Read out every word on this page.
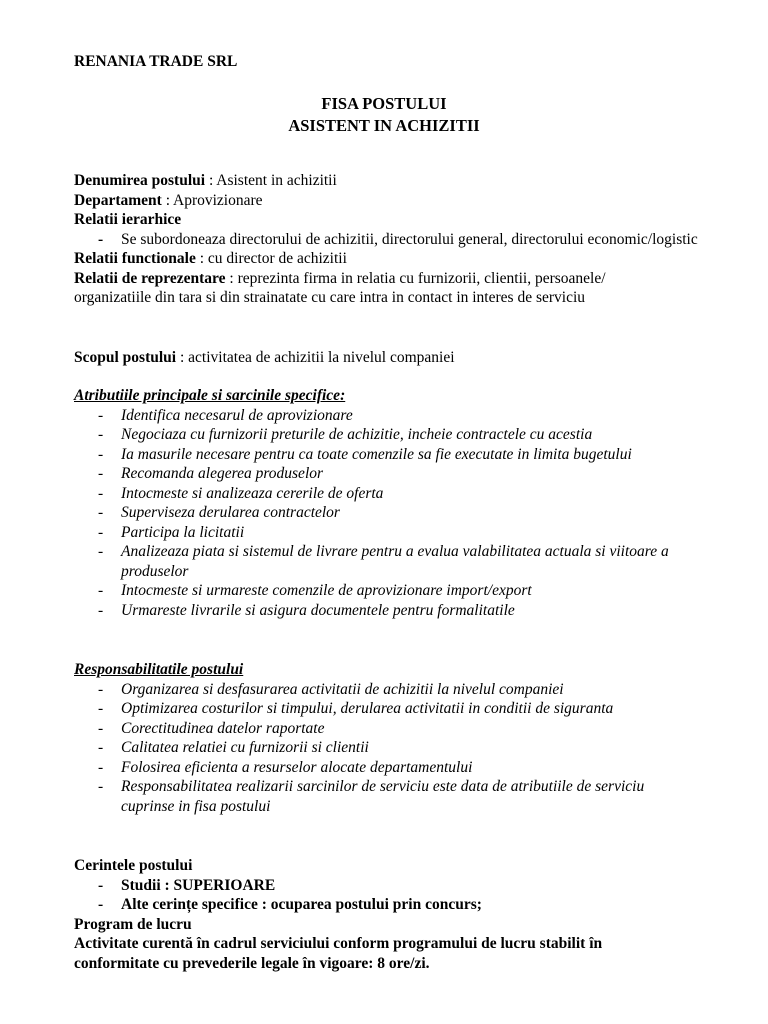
RENANIA TRADE SRL
FISA POSTULUI
ASISTENT IN ACHIZITII
Denumirea postului : Asistent in achizitii
Departament : Aprovizionare
Relatii ierarhice
- Se subordoneaza directorului de achizitii, directorului general, directorului economic/logistic
Relatii functionale : cu director de achizitii
Relatii de reprezentare : reprezinta firma in relatia cu furnizorii, clientii, persoanele/
organizatiile din tara si din strainatate cu care intra in contact in interes de serviciu
Scopul postului : activitatea de achizitii la nivelul companiei
Atributiile principale si sarcinile specifice:
- Identifica necesarul de aprovizionare
- Negociaza cu furnizorii preturile de achizitie, incheie contractele cu acestia
- Ia masurile necesare pentru ca toate comenzile sa fie executate in limita bugetului
- Recomanda alegerea produselor
- Intocmeste si analizeaza cererile de oferta
- Superviseza derularea contractelor
- Participa la licitatii
- Analizeaza piata si sistemul de livrare pentru a evalua valabilitatea actuala si viitoare a produselor
- Intocmeste si urmareste comenzile de aprovizionare import/export
- Urmareste livrarile si asigura documentele pentru formalitatile
Responsabilitatile postului
- Organizarea si desfasurarea activitatii de achizitii la nivelul companiei
- Optimizarea costurilor si timpului, derularea activitatii in conditii de siguranta
- Corectitudinea datelor raportate
- Calitatea relatiei cu furnizorii si clientii
- Folosirea eficienta a resurselor alocate departamentului
- Responsabilitatea realizarii sarcinilor de serviciu este data de atributiile de serviciu cuprinse in fisa postului
Cerintele postului
- Studii : SUPERIOARE
- Alte cerințe specifice : ocuparea postului prin concurs;
Program de lucru
Activitate curentă în cadrul serviciului conform programului de lucru stabilit în
conformitate cu prevederile legale în vigoare: 8 ore/zi.
